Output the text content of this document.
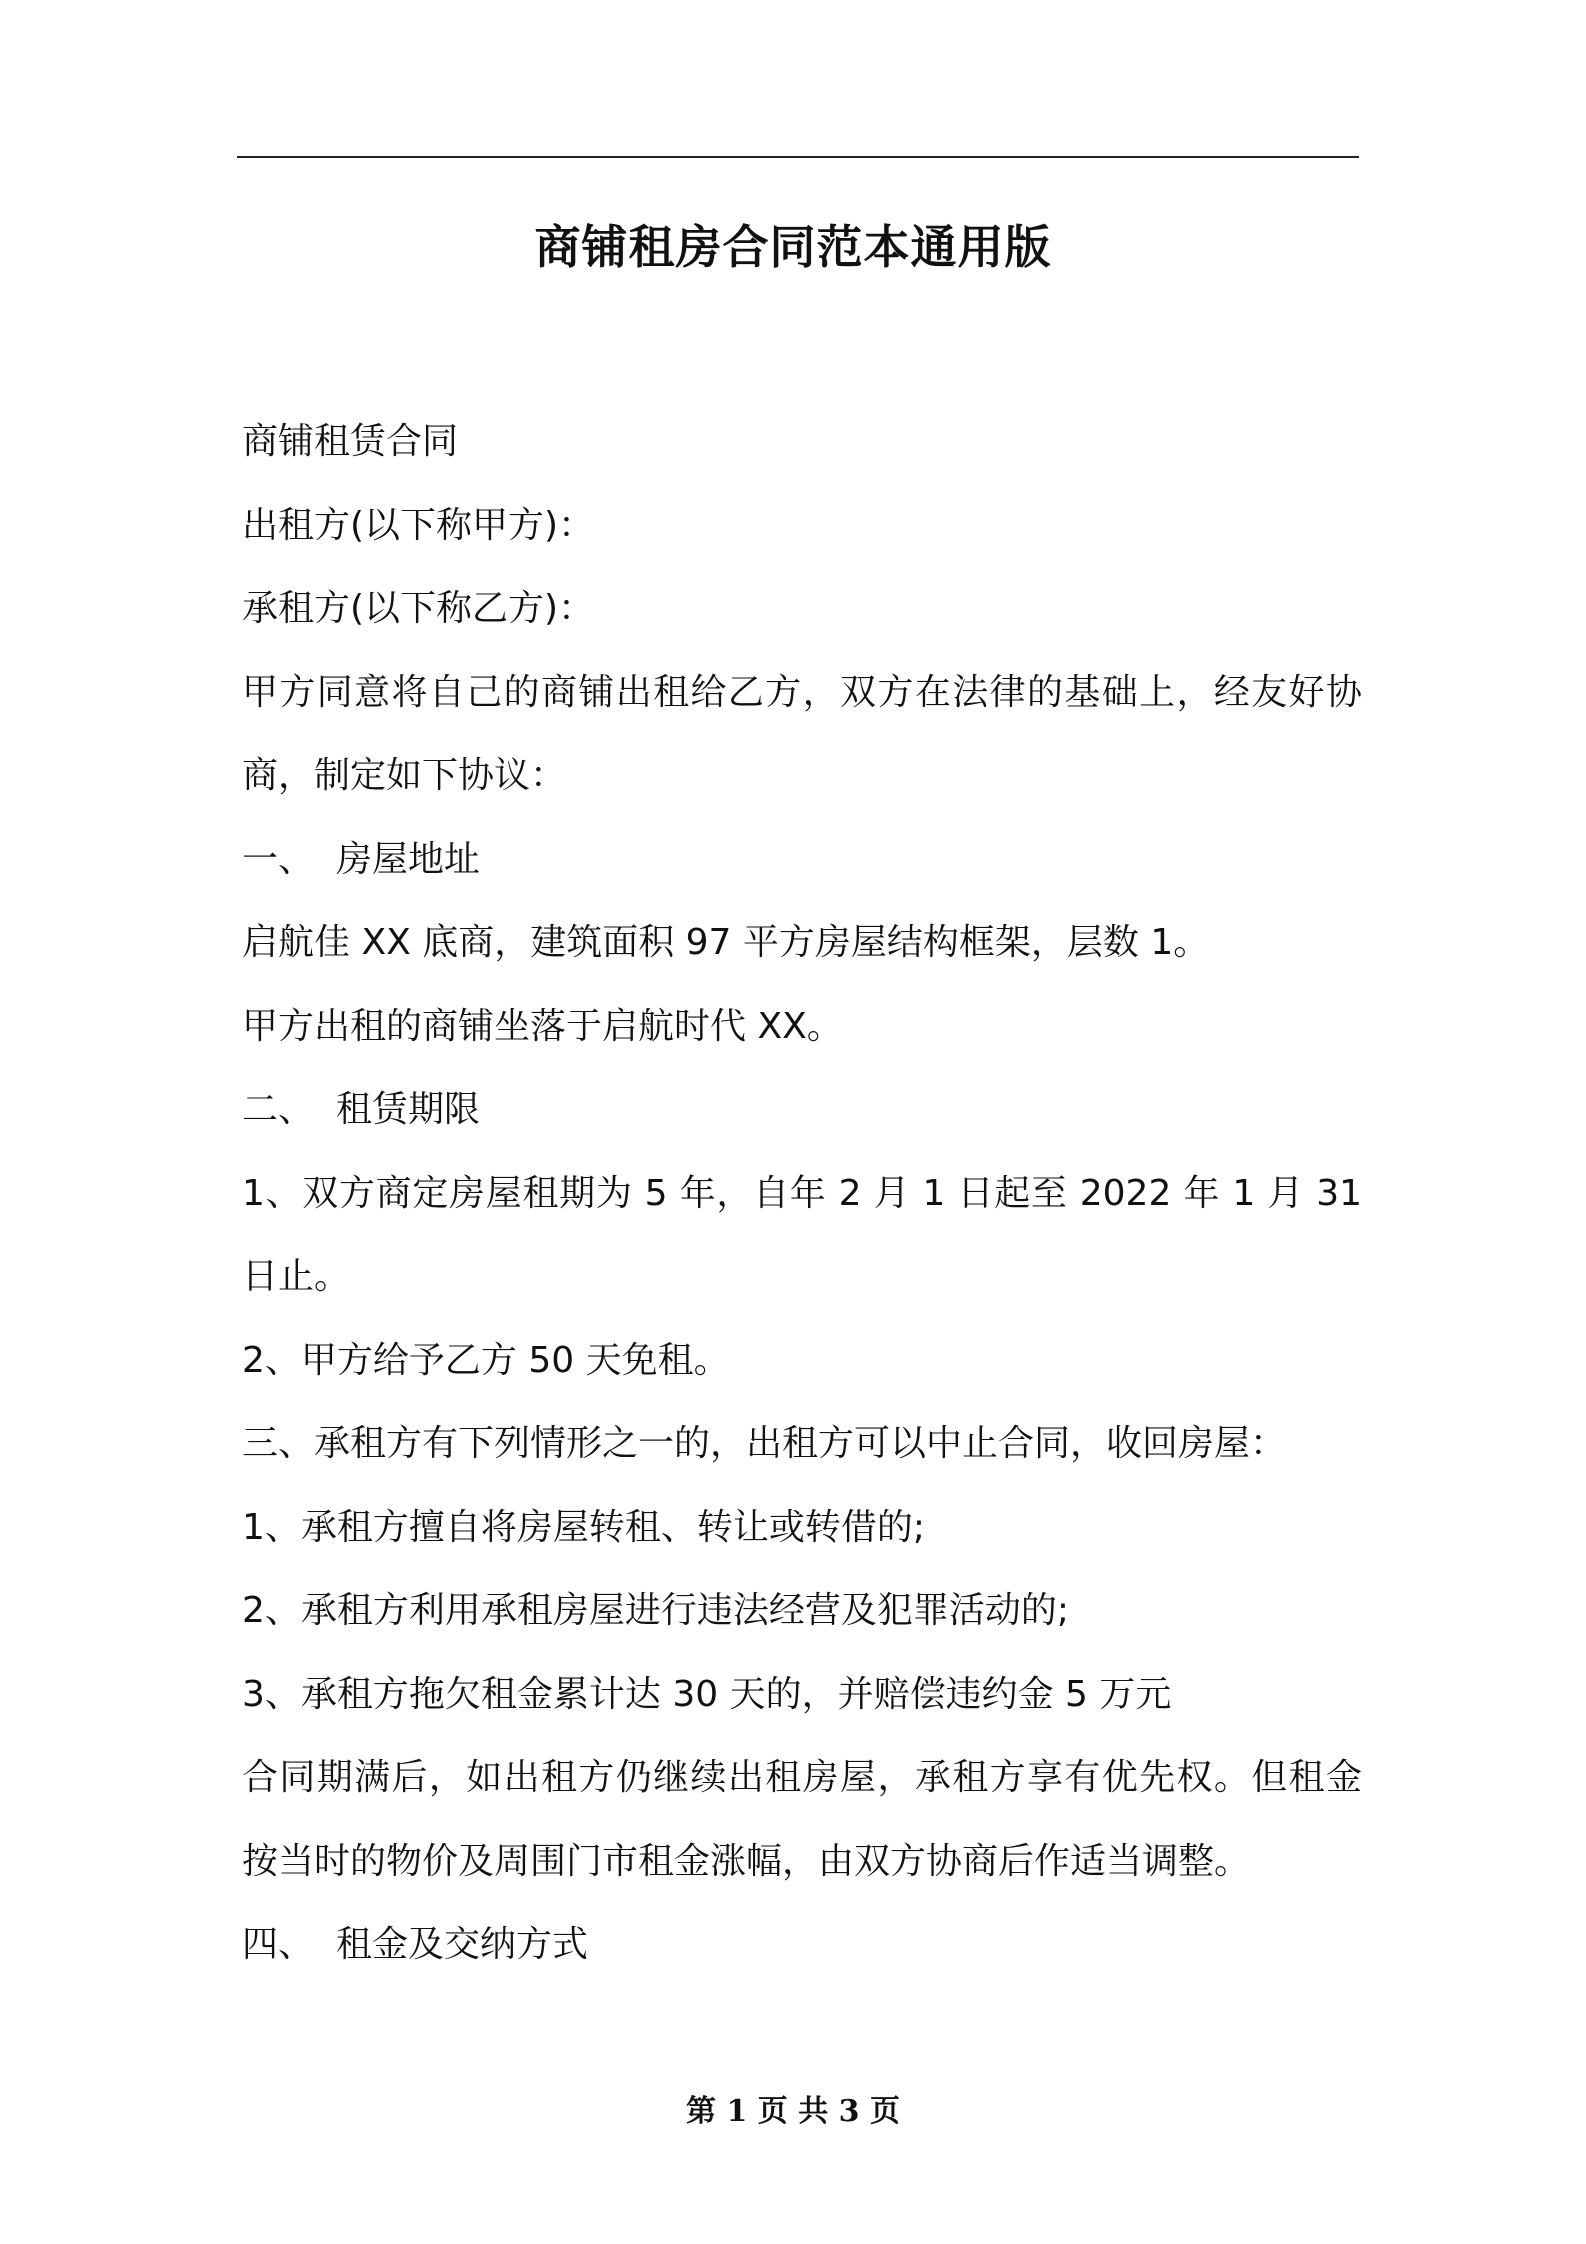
商铺租房合同范本通用版
商铺租赁合同
出租方(以下称甲方)：
承租方(以下称乙方)：
甲方同意将自己的商铺出租给乙方，双方在法律的基础上，经友好协
商，制定如下协议：
一、 房屋地址
启航佳 XX 底商，建筑面积 97 平方房屋结构框架，层数 1。
甲方出租的商铺坐落于启航时代 XX。
二、 租赁期限
1、双方商定房屋租期为 5 年，自年 2 月 1 日起至 2022 年 1 月 31
日止。
2、甲方给予乙方 50 天免租。
三、承租方有下列情形之一的，出租方可以中止合同，收回房屋：
1、承租方擅自将房屋转租、转让或转借的;
2、承租方利用承租房屋进行违法经营及犯罪活动的;
3、承租方拖欠租金累计达 30 天的，并赔偿违约金 5 万元
合同期满后，如出租方仍继续出租房屋，承租方享有优先权。但租金
按当时的物价及周围门市租金涨幅，由双方协商后作适当调整。
四、 租金及交纳方式
第 1 页 共 3 页
